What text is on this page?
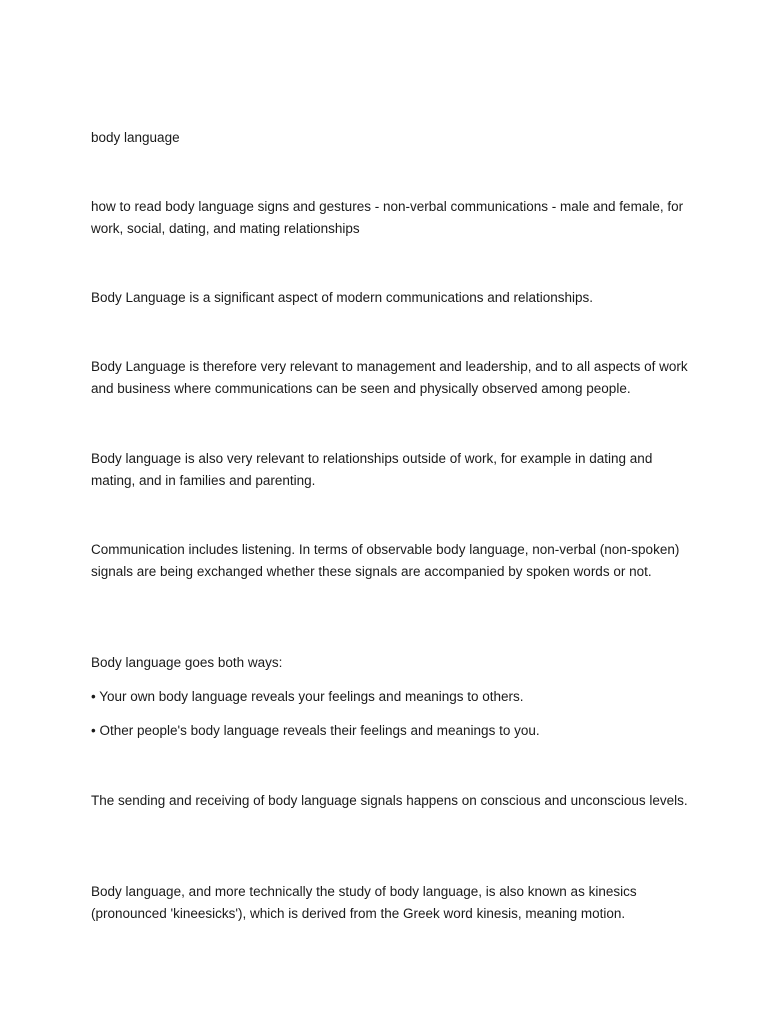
body language

how to read body language signs and gestures - non-verbal communications - male and female, for work, social, dating, and mating relationships

Body Language is a significant aspect of modern communications and relationships.

Body Language is therefore very relevant to management and leadership, and to all aspects of work and business where communications can be seen and physically observed among people.

Body language is also very relevant to relationships outside of work, for example in dating and mating, and in families and parenting.

Communication includes listening. In terms of observable body language, non-verbal (non-spoken) signals are being exchanged whether these signals are accompanied by spoken words or not.

Body language goes both ways:

• Your own body language reveals your feelings and meanings to others.

• Other people's body language reveals their feelings and meanings to you.

The sending and receiving of body language signals happens on conscious and unconscious levels.

Body language, and more technically the study of body language, is also known as kinesics (pronounced 'kineesicks'), which is derived from the Greek word kinesis, meaning motion.
